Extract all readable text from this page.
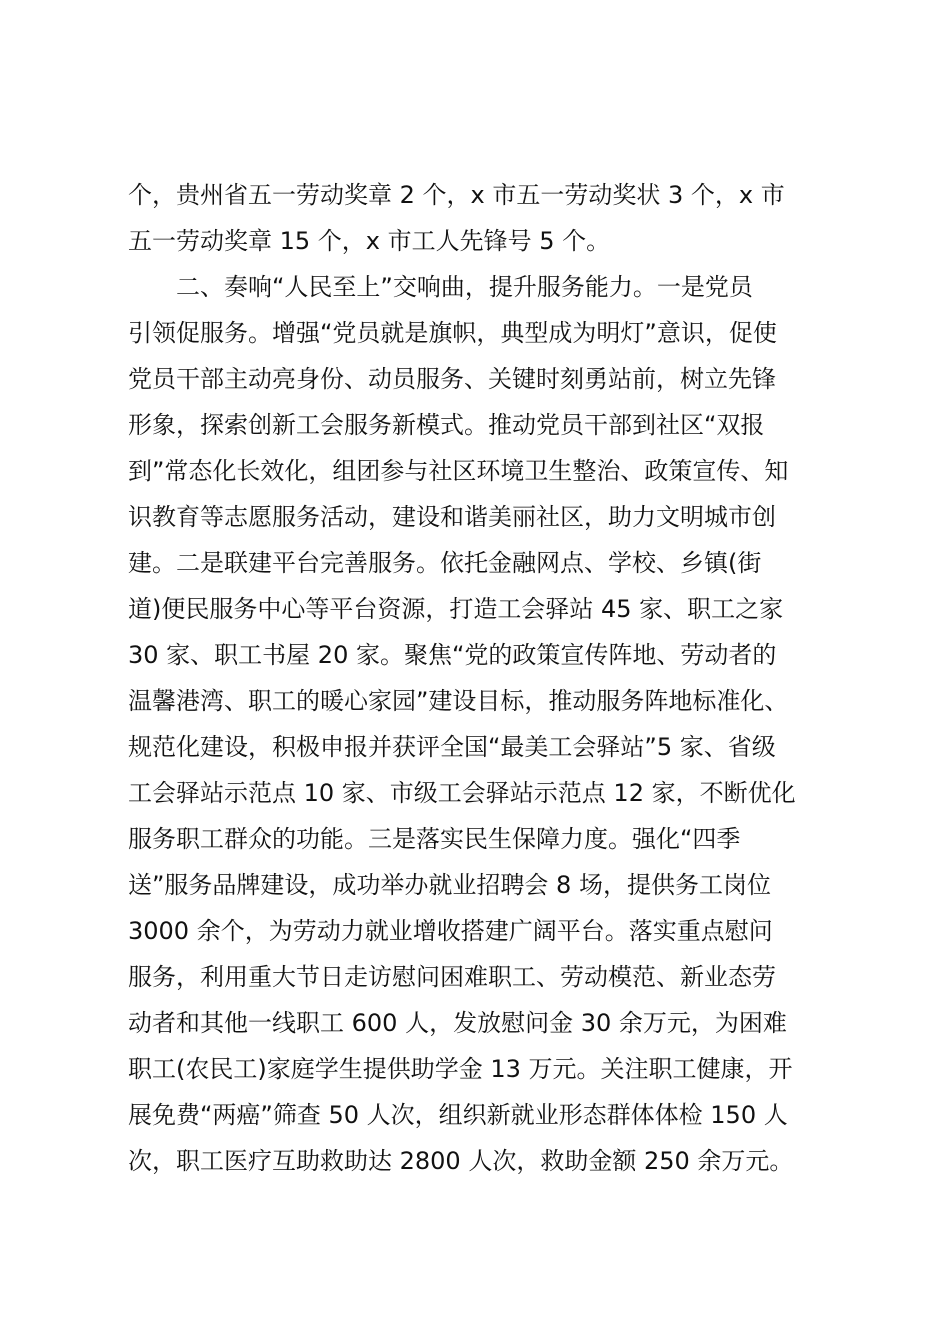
个，贵州省五一劳动奖章 2 个，x 市五一劳动奖状 3 个，x 市
五一劳动奖章 15 个，x 市工人先锋号 5 个。
二、奏响“人民至上”交响曲，提升服务能力。一是党员
引领促服务。增强“党员就是旗帜，典型成为明灯”意识，促使
党员干部主动亮身份、动员服务、关键时刻勇站前，树立先锋
形象，探索创新工会服务新模式。推动党员干部到社区“双报
到”常态化长效化，组团参与社区环境卫生整治、政策宣传、知
识教育等志愿服务活动，建设和谐美丽社区，助力文明城市创
建。二是联建平台完善服务。依托金融网点、学校、乡镇(街
道)便民服务中心等平台资源，打造工会驿站 45 家、职工之家
30 家、职工书屋 20 家。聚焦“党的政策宣传阵地、劳动者的
温馨港湾、职工的暖心家园”建设目标，推动服务阵地标准化、
规范化建设，积极申报并获评全国“最美工会驿站”5 家、省级
工会驿站示范点 10 家、市级工会驿站示范点 12 家，不断优化
服务职工群众的功能。三是落实民生保障力度。强化“四季
送”服务品牌建设，成功举办就业招聘会 8 场，提供务工岗位
3000 余个，为劳动力就业增收搭建广阔平台。落实重点慰问
服务，利用重大节日走访慰问困难职工、劳动模范、新业态劳
动者和其他一线职工 600 人，发放慰问金 30 余万元，为困难
职工(农民工)家庭学生提供助学金 13 万元。关注职工健康，开
展免费“两癌”筛查 50 人次，组织新就业形态群体体检 150 人
次，职工医疗互助救助达 2800 人次，救助金额 250 余万元。
